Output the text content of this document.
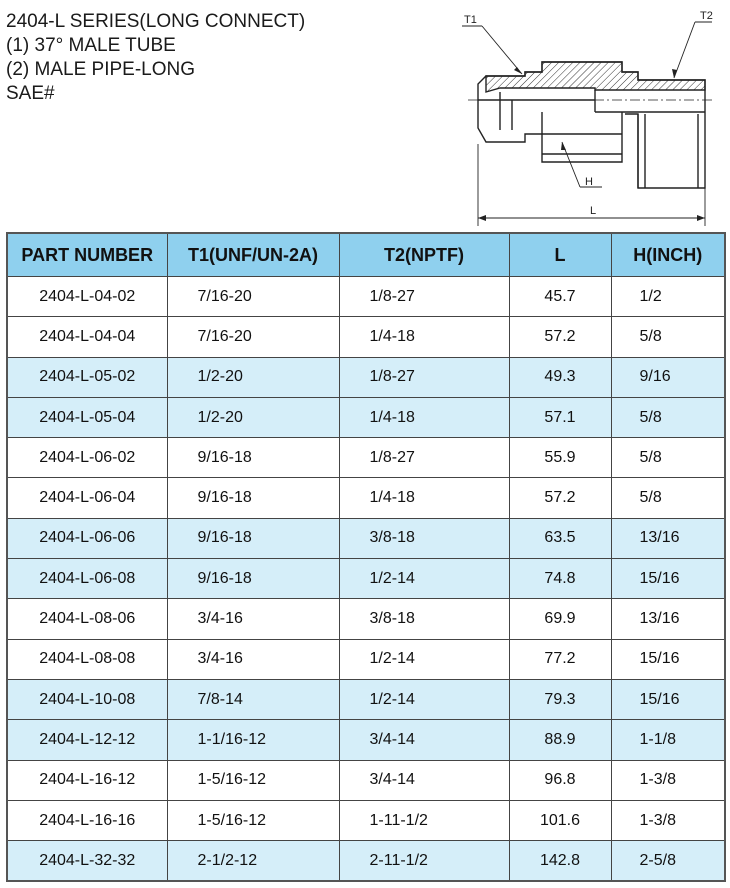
2404-L SERIES(LONG CONNECT)
(1) 37° MALE TUBE
(2) MALE PIPE-LONG
SAE#
T1	T2
H
L
PART NUMBER	T1(UNF/UN-2A)	T2(NPTF)	L	H(INCH)
2404-L-04-02	7/16-20	1/8-27	45.7	1/2
2404-L-04-04	7/16-20	1/4-18	57.2	5/8
2404-L-05-02	1/2-20	1/8-27	49.3	9/16
2404-L-05-04	1/2-20	1/4-18	57.1	5/8
2404-L-06-02	9/16-18	1/8-27	55.9	5/8
2404-L-06-04	9/16-18	1/4-18	57.2	5/8
2404-L-06-06	9/16-18	3/8-18	63.5	13/16
2404-L-06-08	9/16-18	1/2-14	74.8	15/16
2404-L-08-06	3/4-16	3/8-18	69.9	13/16
2404-L-08-08	3/4-16	1/2-14	77.2	15/16
2404-L-10-08	7/8-14	1/2-14	79.3	15/16
2404-L-12-12	1-1/16-12	3/4-14	88.9	1-1/8
2404-L-16-12	1-5/16-12	3/4-14	96.8	1-3/8
2404-L-16-16	1-5/16-12	1-11-1/2	101.6	1-3/8
2404-L-32-32	2-1/2-12	2-11-1/2	142.8	2-5/8
